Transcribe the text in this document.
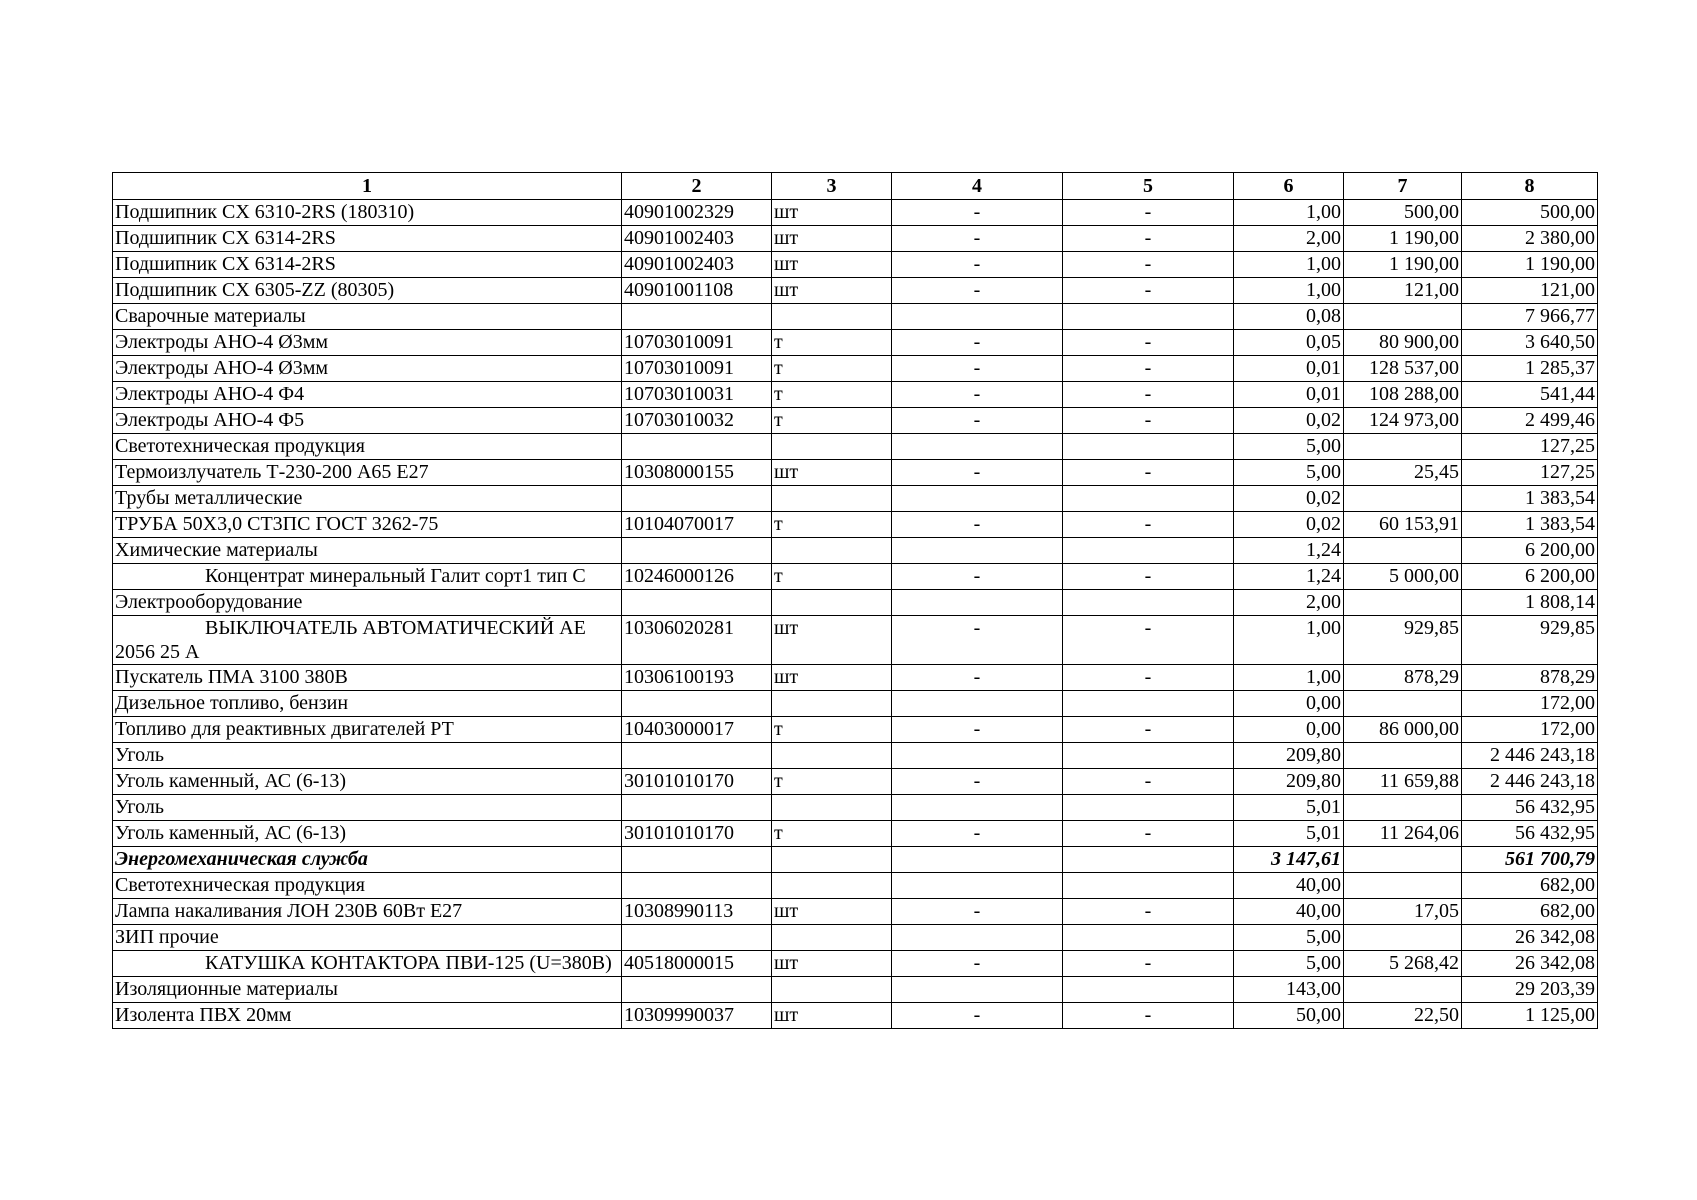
1	2	3	4	5	6	7	8
Подшипник CX 6310-2RS (180310)	40901002329	шт	-	-	1,00	500,00	500,00
Подшипник CX 6314-2RS	40901002403	шт	-	-	2,00	1 190,00	2 380,00
Подшипник CX 6314-2RS	40901002403	шт	-	-	1,00	1 190,00	1 190,00
Подшипник CX 6305-ZZ (80305)	40901001108	шт	-	-	1,00	121,00	121,00
Сварочные материалы					0,08		7 966,77
Электроды АНО-4 Ø3мм	10703010091	т	-	-	0,05	80 900,00	3 640,50
Электроды АНО-4 Ø3мм	10703010091	т	-	-	0,01	128 537,00	1 285,37
Электроды АНО-4 Ф4	10703010031	т	-	-	0,01	108 288,00	541,44
Электроды АНО-4 Ф5	10703010032	т	-	-	0,02	124 973,00	2 499,46
Светотехническая продукция					5,00		127,25
Термоизлучатель Т-230-200 А65 Е27	10308000155	шт	-	-	5,00	25,45	127,25
Трубы металлические					0,02		1 383,54
ТРУБА 50Х3,0 СТ3ПС ГОСТ 3262-75	10104070017	т	-	-	0,02	60 153,91	1 383,54
Химические материалы					1,24		6 200,00
Концентрат минеральный Галит сорт1 тип С	10246000126	т	-	-	1,24	5 000,00	6 200,00
Электрооборудование					2,00		1 808,14
ВЫКЛЮЧАТЕЛЬ АВТОМАТИЧЕСКИЙ АЕ 2056 25 А	10306020281	шт	-	-	1,00	929,85	929,85
Пускатель ПМА 3100 380В	10306100193	шт	-	-	1,00	878,29	878,29
Дизельное топливо, бензин					0,00		172,00
Топливо для реактивных двигателей РТ	10403000017	т	-	-	0,00	86 000,00	172,00
Уголь					209,80		2 446 243,18
Уголь каменный, АС (6-13)	30101010170	т	-	-	209,80	11 659,88	2 446 243,18
Уголь					5,01		56 432,95
Уголь каменный, АС (6-13)	30101010170	т	-	-	5,01	11 264,06	56 432,95
Энергомеханическая служба					3 147,61		561 700,79
Светотехническая продукция					40,00		682,00
Лампа накаливания ЛОН 230В 60Вт Е27	10308990113	шт	-	-	40,00	17,05	682,00
ЗИП прочие					5,00		26 342,08
КАТУШКА КОНТАКТОРА ПВИ-125 (U=380В)	40518000015	шт	-	-	5,00	5 268,42	26 342,08
Изоляционные материалы					143,00		29 203,39
Изолента ПВХ 20мм	10309990037	шт	-	-	50,00	22,50	1 125,00
